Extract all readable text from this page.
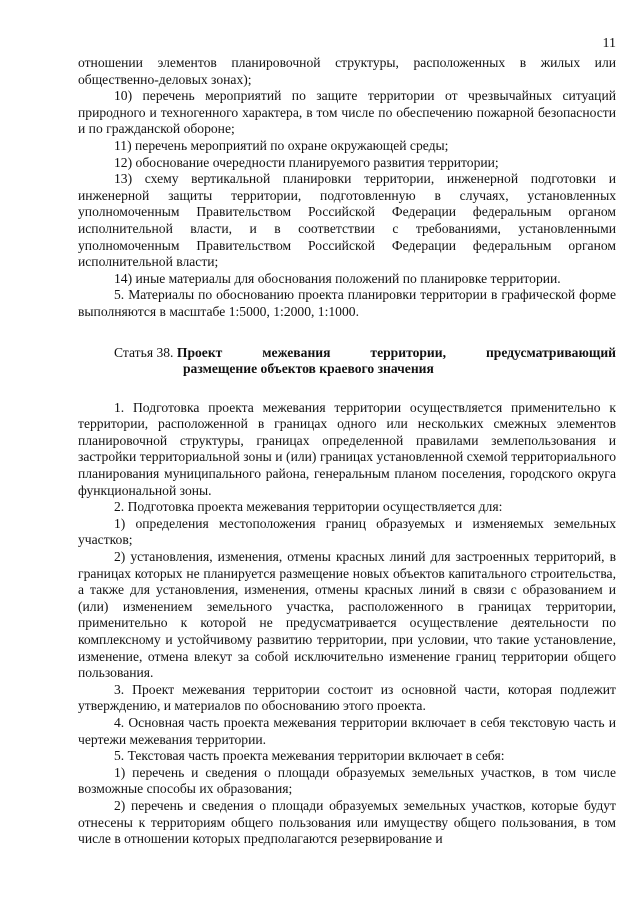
11

отношении элементов планировочной структуры, расположенных в жилых или общественно-деловых зонах);

10) перечень мероприятий по защите территории от чрезвычайных ситуаций природного и техногенного характера, в том числе по обеспечению пожарной безопасности и по гражданской обороне;

11) перечень мероприятий по охране окружающей среды;

12) обоснование очередности планируемого развития территории;

13) схему вертикальной планировки территории, инженерной подготовки и инженерной защиты территории, подготовленную в случаях, установленных уполномоченным Правительством Российской Федерации федеральным органом исполнительной власти, и в соответствии с требованиями, установленными уполномоченным Правительством Российской Федерации федеральным органом исполнительной власти;

14) иные материалы для обоснования положений по планировке территории.

5. Материалы по обоснованию проекта планировки территории в графической форме выполняются в масштабе 1:5000, 1:2000, 1:1000.

Статья 38. Проект	межевания	территории,	предусматривающий
размещение объектов краевого значения

1. Подготовка проекта межевания территории осуществляется применительно к территории, расположенной в границах одного или нескольких смежных элементов планировочной структуры, границах определенной правилами землепользования и застройки территориальной зоны и (или) границах установленной схемой территориального планирования муниципального района, генеральным планом поселения, городского округа функциональной зоны.

2. Подготовка проекта межевания территории осуществляется для:

1) определения местоположения границ образуемых и изменяемых земельных участков;

2) установления, изменения, отмены красных линий для застроенных территорий, в границах которых не планируется размещение новых объектов капитального строительства, а также для установления, изменения, отмены красных линий в связи с образованием и (или) изменением земельного участка, расположенного в границах территории, применительно к которой не предусматривается осуществление деятельности по комплексному и устойчивому развитию территории, при условии, что такие установление, изменение, отмена влекут за собой исключительно изменение границ территории общего пользования.

3. Проект межевания территории состоит из основной части, которая подлежит утверждению, и материалов по обоснованию этого проекта.

4. Основная часть проекта межевания территории включает в себя текстовую часть и чертежи межевания территории.

5. Текстовая часть проекта межевания территории включает в себя:

1) перечень и сведения о площади образуемых земельных участков, в том числе возможные способы их образования;

2) перечень и сведения о площади образуемых земельных участков, которые будут отнесены к территориям общего пользования или имуществу общего пользования, в том числе в отношении которых предполагаются резервирование и
